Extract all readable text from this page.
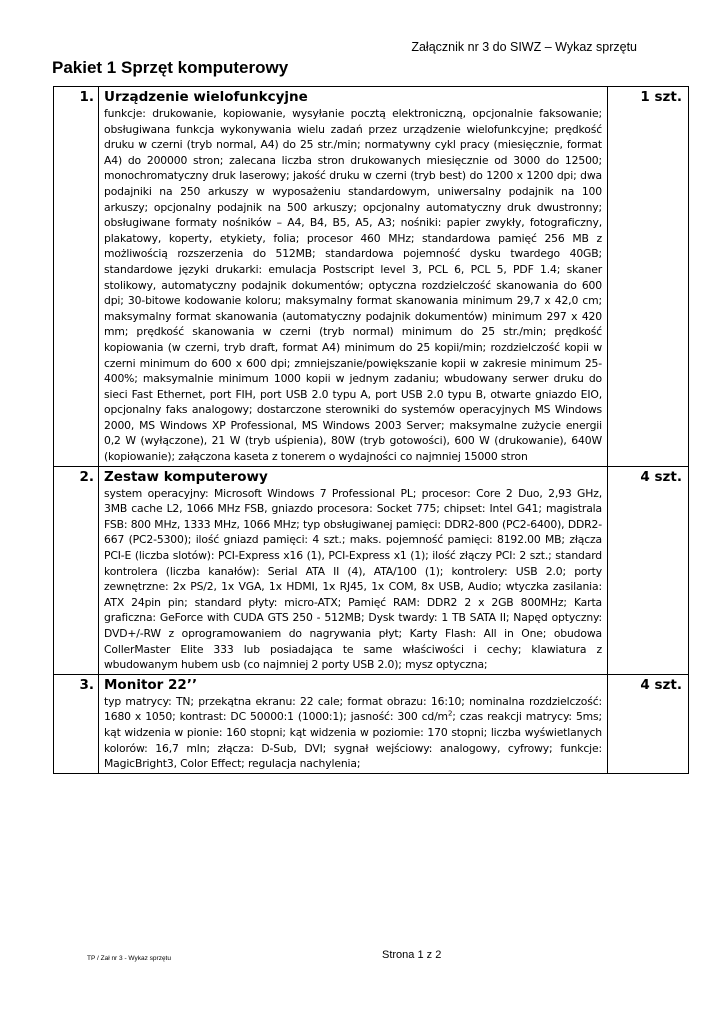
Załącznik nr 3 do SIWZ – Wykaz sprzętu
Pakiet 1 Sprzęt komputerowy
1.	Urządzenie wielofunkcyjne
funkcje: drukowanie, kopiowanie, wysyłanie pocztą elektroniczną, opcjonalnie faksowanie; obsługiwana funkcja wykonywania wielu zadań przez urządzenie wielofunkcyjne; prędkość druku w czerni (tryb normal, A4) do 25 str./min; normatywny cykl pracy (miesięcznie, format A4) do 200000 stron; zalecana liczba stron drukowanych miesięcznie od 3000 do 12500; monochromatyczny druk laserowy; jakość druku w czerni (tryb best) do 1200 x 1200 dpi; dwa podajniki na 250 arkuszy w wyposażeniu standardowym, uniwersalny podajnik na 100 arkuszy; opcjonalny podajnik na 500 arkuszy; opcjonalny automatyczny druk dwustronny; obsługiwane formaty nośników – A4, B4, B5, A5, A3; nośniki: papier zwykły, fotograficzny, plakatowy, koperty, etykiety, folia; procesor 460 MHz; standardowa pamięć 256 MB z możliwością rozszerzenia do 512MB; standardowa pojemność dysku twardego 40GB; standardowe języki drukarki: emulacja Postscript level 3, PCL 6, PCL 5, PDF 1.4; skaner stolikowy, automatyczny podajnik dokumentów; optyczna rozdzielczość skanowania do 600 dpi; 30-bitowe kodowanie koloru; maksymalny format skanowania minimum 29,7 x 42,0 cm; maksymalny format skanowania (automatyczny podajnik dokumentów) minimum 297 x 420 mm; prędkość skanowania w czerni (tryb normal) minimum do 25 str./min; prędkość kopiowania (w czerni, tryb draft, format A4) minimum do 25 kopii/min; rozdzielczość kopii w czerni minimum do 600 x 600 dpi; zmniejszanie/powiększanie kopii w zakresie minimum 25-400%; maksymalnie minimum 1000 kopii w jednym zadaniu; wbudowany serwer druku do sieci Fast Ethernet, port FIH, port USB 2.0 typu A, port USB 2.0 typu B, otwarte gniazdo EIO, opcjonalny faks analogowy; dostarczone sterowniki do systemów operacyjnych MS Windows 2000, MS Windows XP Professional, MS Windows 2003 Server; maksymalne zużycie energii 0,2 W (wyłączone), 21 W (tryb uśpienia), 80W (tryb gotowości), 600 W (drukowanie), 640W (kopiowanie); załączona kaseta z tonerem o wydajności co najmniej 15000 stron	1 szt.
2.	Zestaw komputerowy
system operacyjny: Microsoft Windows 7 Professional PL; procesor: Core 2 Duo, 2,93 GHz, 3MB cache L2, 1066 MHz FSB, gniazdo procesora: Socket 775; chipset: Intel G41; magistrala FSB: 800 MHz, 1333 MHz, 1066 MHz; typ obsługiwanej pamięci: DDR2-800 (PC2-6400), DDR2-667 (PC2-5300); ilość gniazd pamięci: 4 szt.; maks. pojemność pamięci: 8192.00 MB; złącza PCI-E (liczba slotów): PCI-Express x16 (1), PCI-Express x1 (1); ilość złączy PCI: 2 szt.; standard kontrolera (liczba kanałów): Serial ATA II (4), ATA/100 (1); kontrolery: USB 2.0; porty zewnętrzne: 2x PS/2, 1x VGA, 1x HDMI, 1x RJ45, 1x COM, 8x USB, Audio; wtyczka zasilania: ATX 24pin pin; standard płyty: micro-ATX; Pamięć RAM: DDR2 2 x 2GB 800MHz; Karta graficzna: GeForce with CUDA GTS 250 - 512MB; Dysk twardy: 1 TB SATA II; Napęd optyczny: DVD+/-RW z oprogramowaniem do nagrywania płyt; Karty Flash: All in One; obudowa CollerMaster Elite 333 lub posiadająca te same właściwości i cechy; klawiatura z wbudowanym hubem usb (co najmniej 2 porty USB 2.0); mysz optyczna;	4 szt.
3.	Monitor 22’’
typ matrycy: TN; przekątna ekranu: 22 cale; format obrazu: 16:10; nominalna rozdzielczość: 1680 x 1050; kontrast: DC 50000:1 (1000:1); jasność: 300 $cd/m^2$; czas reakcji matrycy: 5ms; kąt widzenia w pionie: 160 stopni; kąt widzenia w poziomie: 170 stopni; liczba wyświetlanych kolorów: 16,7 mln; złącza: D-Sub, DVI; sygnał wejściowy: analogowy, cyfrowy; funkcje: MagicBright3, Color Effect; regulacja nachylenia;	4 szt.
TP / Zał nr 3 - Wykaz sprzętu	Strona 1 z 2
